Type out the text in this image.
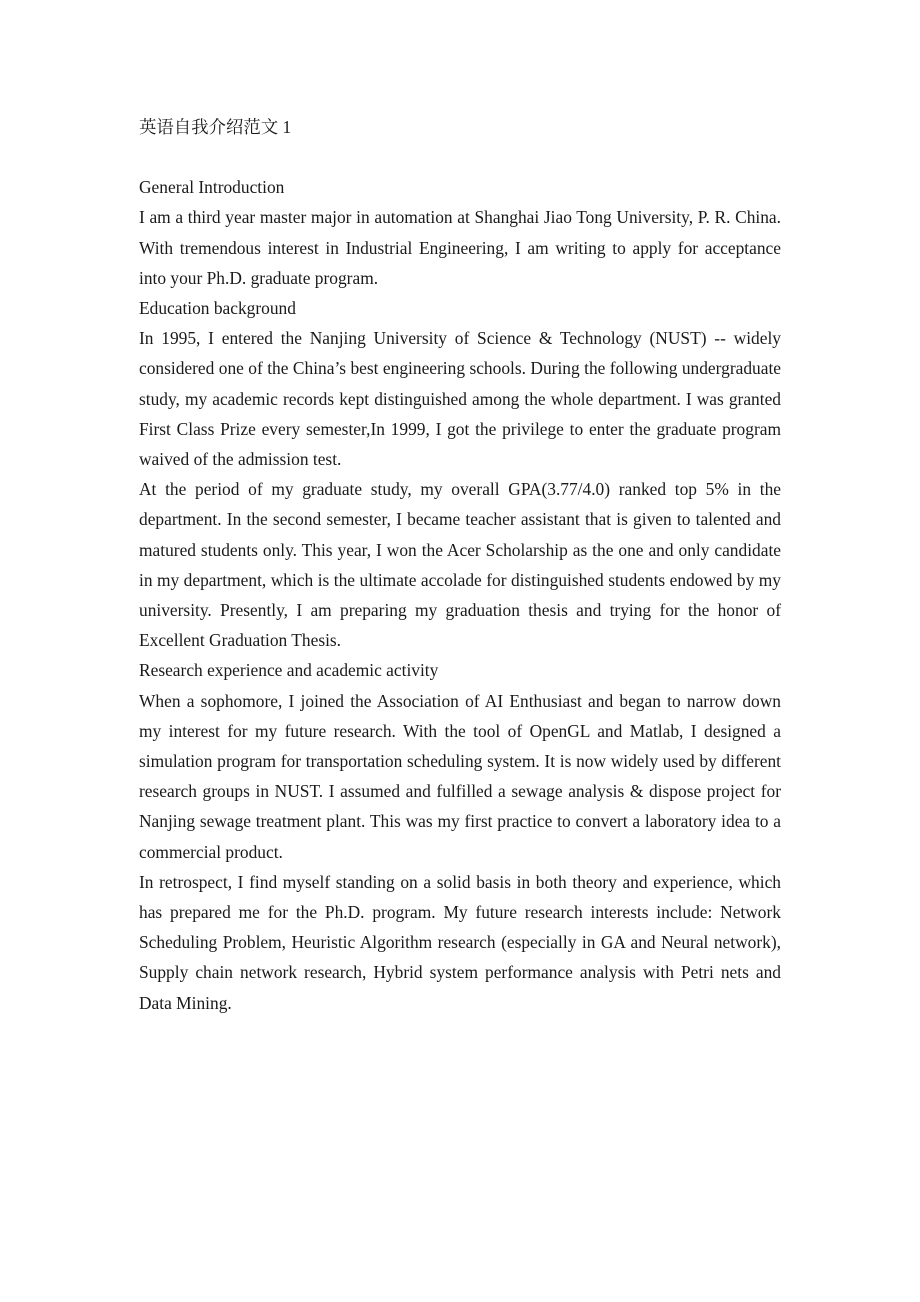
英语自我介绍范文 1
General Introduction

I am a third year master major in automation at Shanghai Jiao Tong University, P. R. China. With tremendous interest in Industrial Engineering, I am writing to apply for acceptance into your Ph.D. graduate program.

Education background

In 1995, I entered the Nanjing University of Science & Technology (NUST) -- widely considered one of the China’s best engineering schools. During the following undergraduate study, my academic records kept distinguished among the whole department. I was granted First Class Prize every semester,In 1999, I got the privilege to enter the graduate program waived of the admission test.

At the period of my graduate study, my overall GPA(3.77/4.0) ranked top 5% in the department. In the second semester, I became teacher assistant that is given to talented and matured students only. This year, I won the Acer Scholarship as the one and only candidate in my department, which is the ultimate accolade for distinguished students endowed by my university. Presently, I am preparing my graduation thesis and trying for the honor of Excellent Graduation Thesis.

Research experience and academic activity

When a sophomore, I joined the Association of AI Enthusiast and began to narrow down my interest for my future research. With the tool of OpenGL and Matlab, I designed a simulation program for transportation scheduling system. It is now widely used by different research groups in NUST. I assumed and fulfilled a sewage analysis & dispose project for Nanjing sewage treatment plant. This was my first practice to convert a laboratory idea to a commercial product.

In retrospect, I find myself standing on a solid basis in both theory and experience, which has prepared me for the Ph.D. program. My future research interests include: Network Scheduling Problem, Heuristic Algorithm research (especially in GA and Neural network), Supply chain network research, Hybrid system performance analysis with Petri nets and Data Mining.
